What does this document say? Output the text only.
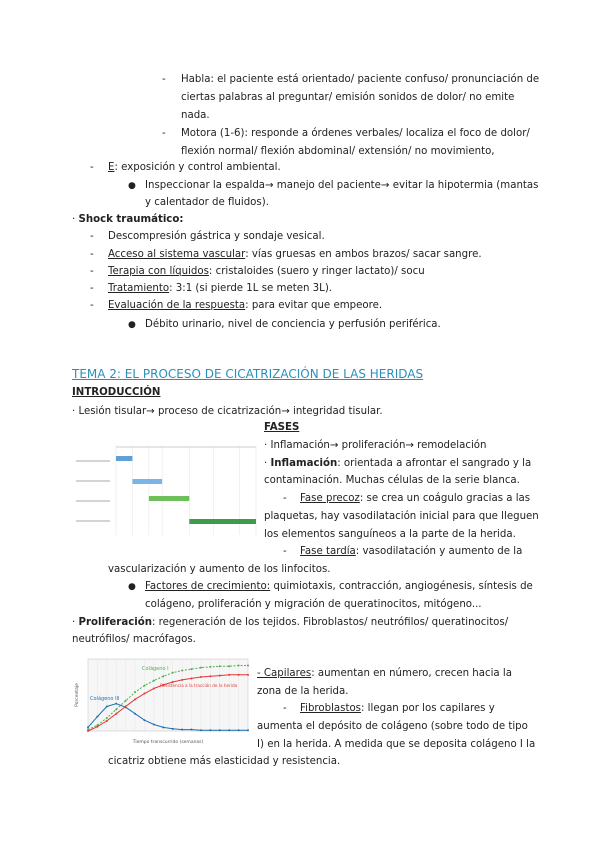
- Habla: el paciente está orientado/ paciente confuso/ pronunciación de
ciertas palabras al preguntar/ emisión sonidos de dolor/ no emite
nada.
- Motora (1-6): responde a órdenes verbales/ localiza el foco de dolor/
flexión normal/ flexión abdominal/ extensión/ no movimiento,
- E: exposición y control ambiental.
● Inspeccionar la espalda→ manejo del paciente→ evitar la hipotermia (mantas
y calentador de fluidos).
· Shock traumático:
- Descompresión gástrica y sondaje vesical.
- Acceso al sistema vascular: vías gruesas en ambos brazos/ sacar sangre.
- Terapia con líquidos: cristaloides (suero y ringer lactato)/ socu
- Tratamiento: 3:1 (si pierde 1L se meten 3L).
- Evaluación de la respuesta: para evitar que empeore.
● Débito urinario, nivel de conciencia y perfusión periférica.
TEMA 2: EL PROCESO DE CICATRIZACIÓN DE LAS HERIDAS
INTRODUCCIÓN
· Lesión tisular→ proceso de cicatrización→ integridad tisular.
FASES
· Inflamación→ proliferación→ remodelación
· Inflamación: orientada a afrontar el sangrado y la
contaminación. Muchas células de la serie blanca.
- Fase precoz: se crea un coágulo gracias a las
plaquetas, hay vasodilatación inicial para que lleguen
los elementos sanguíneos a la parte de la herida.
- Fase tardía: vasodilatación y aumento de la
vascularización y aumento de los linfocitos.
● Factores de crecimiento: quimiotaxis, contracción, angiogénesis, síntesis de
colágeno, proliferación y migración de queratinocitos, mitógeno...
· Proliferación: regeneración de los tejidos. Fibroblastos/ neutrófilos/ queratinocitos/
neutrófilos/ macrófagos.
Colágeno I
Colágeno III
Resistencia a la tracción de la herida
Tiempo transcurrido (semanas)
Porcentaje
- Capilares: aumentan en número, crecen hacia la
zona de la herida.
- Fibroblastos: llegan por los capilares y
aumenta el depósito de colágeno (sobre todo de tipo
I) en la herida. A medida que se deposita colágeno I la
cicatriz obtiene más elasticidad y resistencia.
